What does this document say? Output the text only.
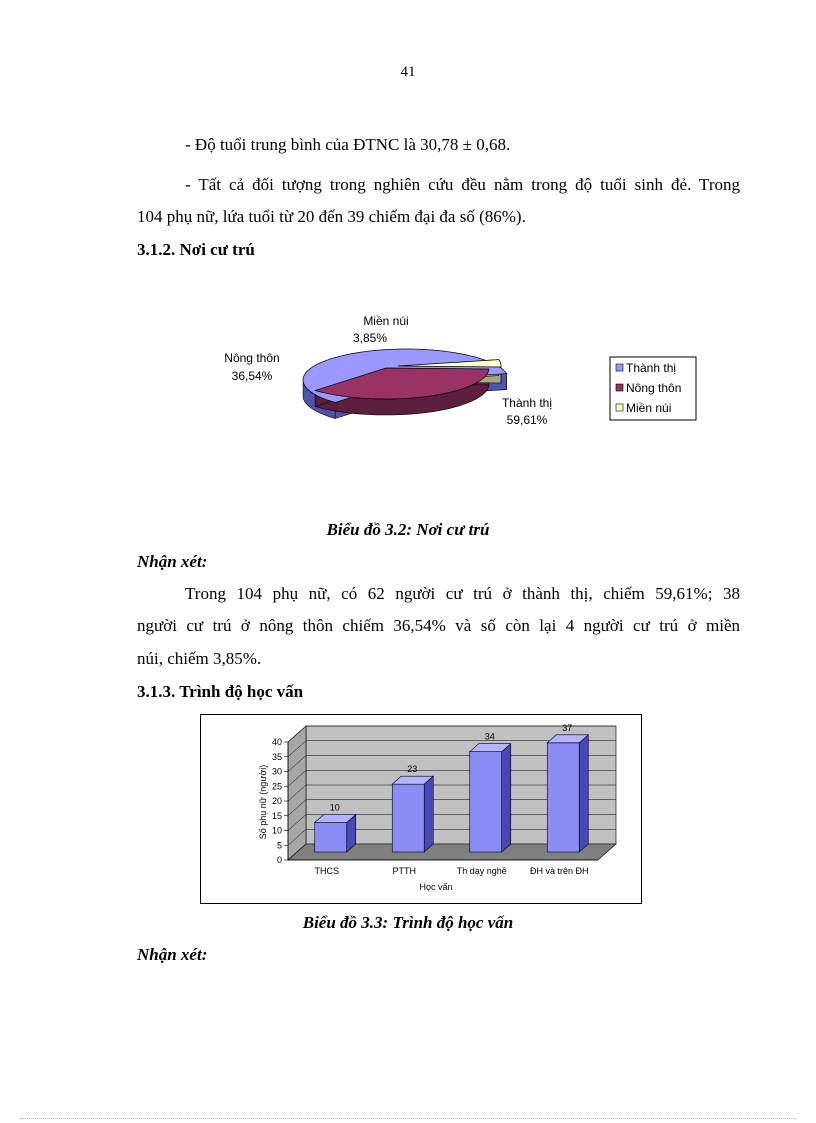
41
- Độ tuổi trung bình của ĐTNC là 30,78 ± 0,68.
- Tất cả đối tượng trong nghiên cứu đều nằm trong độ tuổi sinh đẻ. Trong
104 phụ nữ, lứa tuổi từ 20 đến 39 chiếm đại đa số (86%).
3.1.2. Nơi cư trú
Miền núi
3,85%
Nông thôn
36,54%
Thành thị
59,61%
Thành thị
Nông thôn
Miền núi
Biểu đồ 3.2: Nơi cư trú
Nhận xét:
Trong 104 phụ nữ, có 62 người cư trú ở thành thị, chiếm 59,61%; 38
người cư trú ở nông thôn chiếm 36,54% và số còn lại 4 người cư trú ở miền
núi, chiếm 3,85%.
3.1.3. Trình độ học vấn
0
5
10
15
20
25
30
35
40
10
THCS
23
PTTH
34
Th dạy nghề
37
ĐH và trên ĐH
Số phụ nữ (người)
Học vấn
Biểu đồ 3.3: Trình độ học vấn
Nhận xét:
